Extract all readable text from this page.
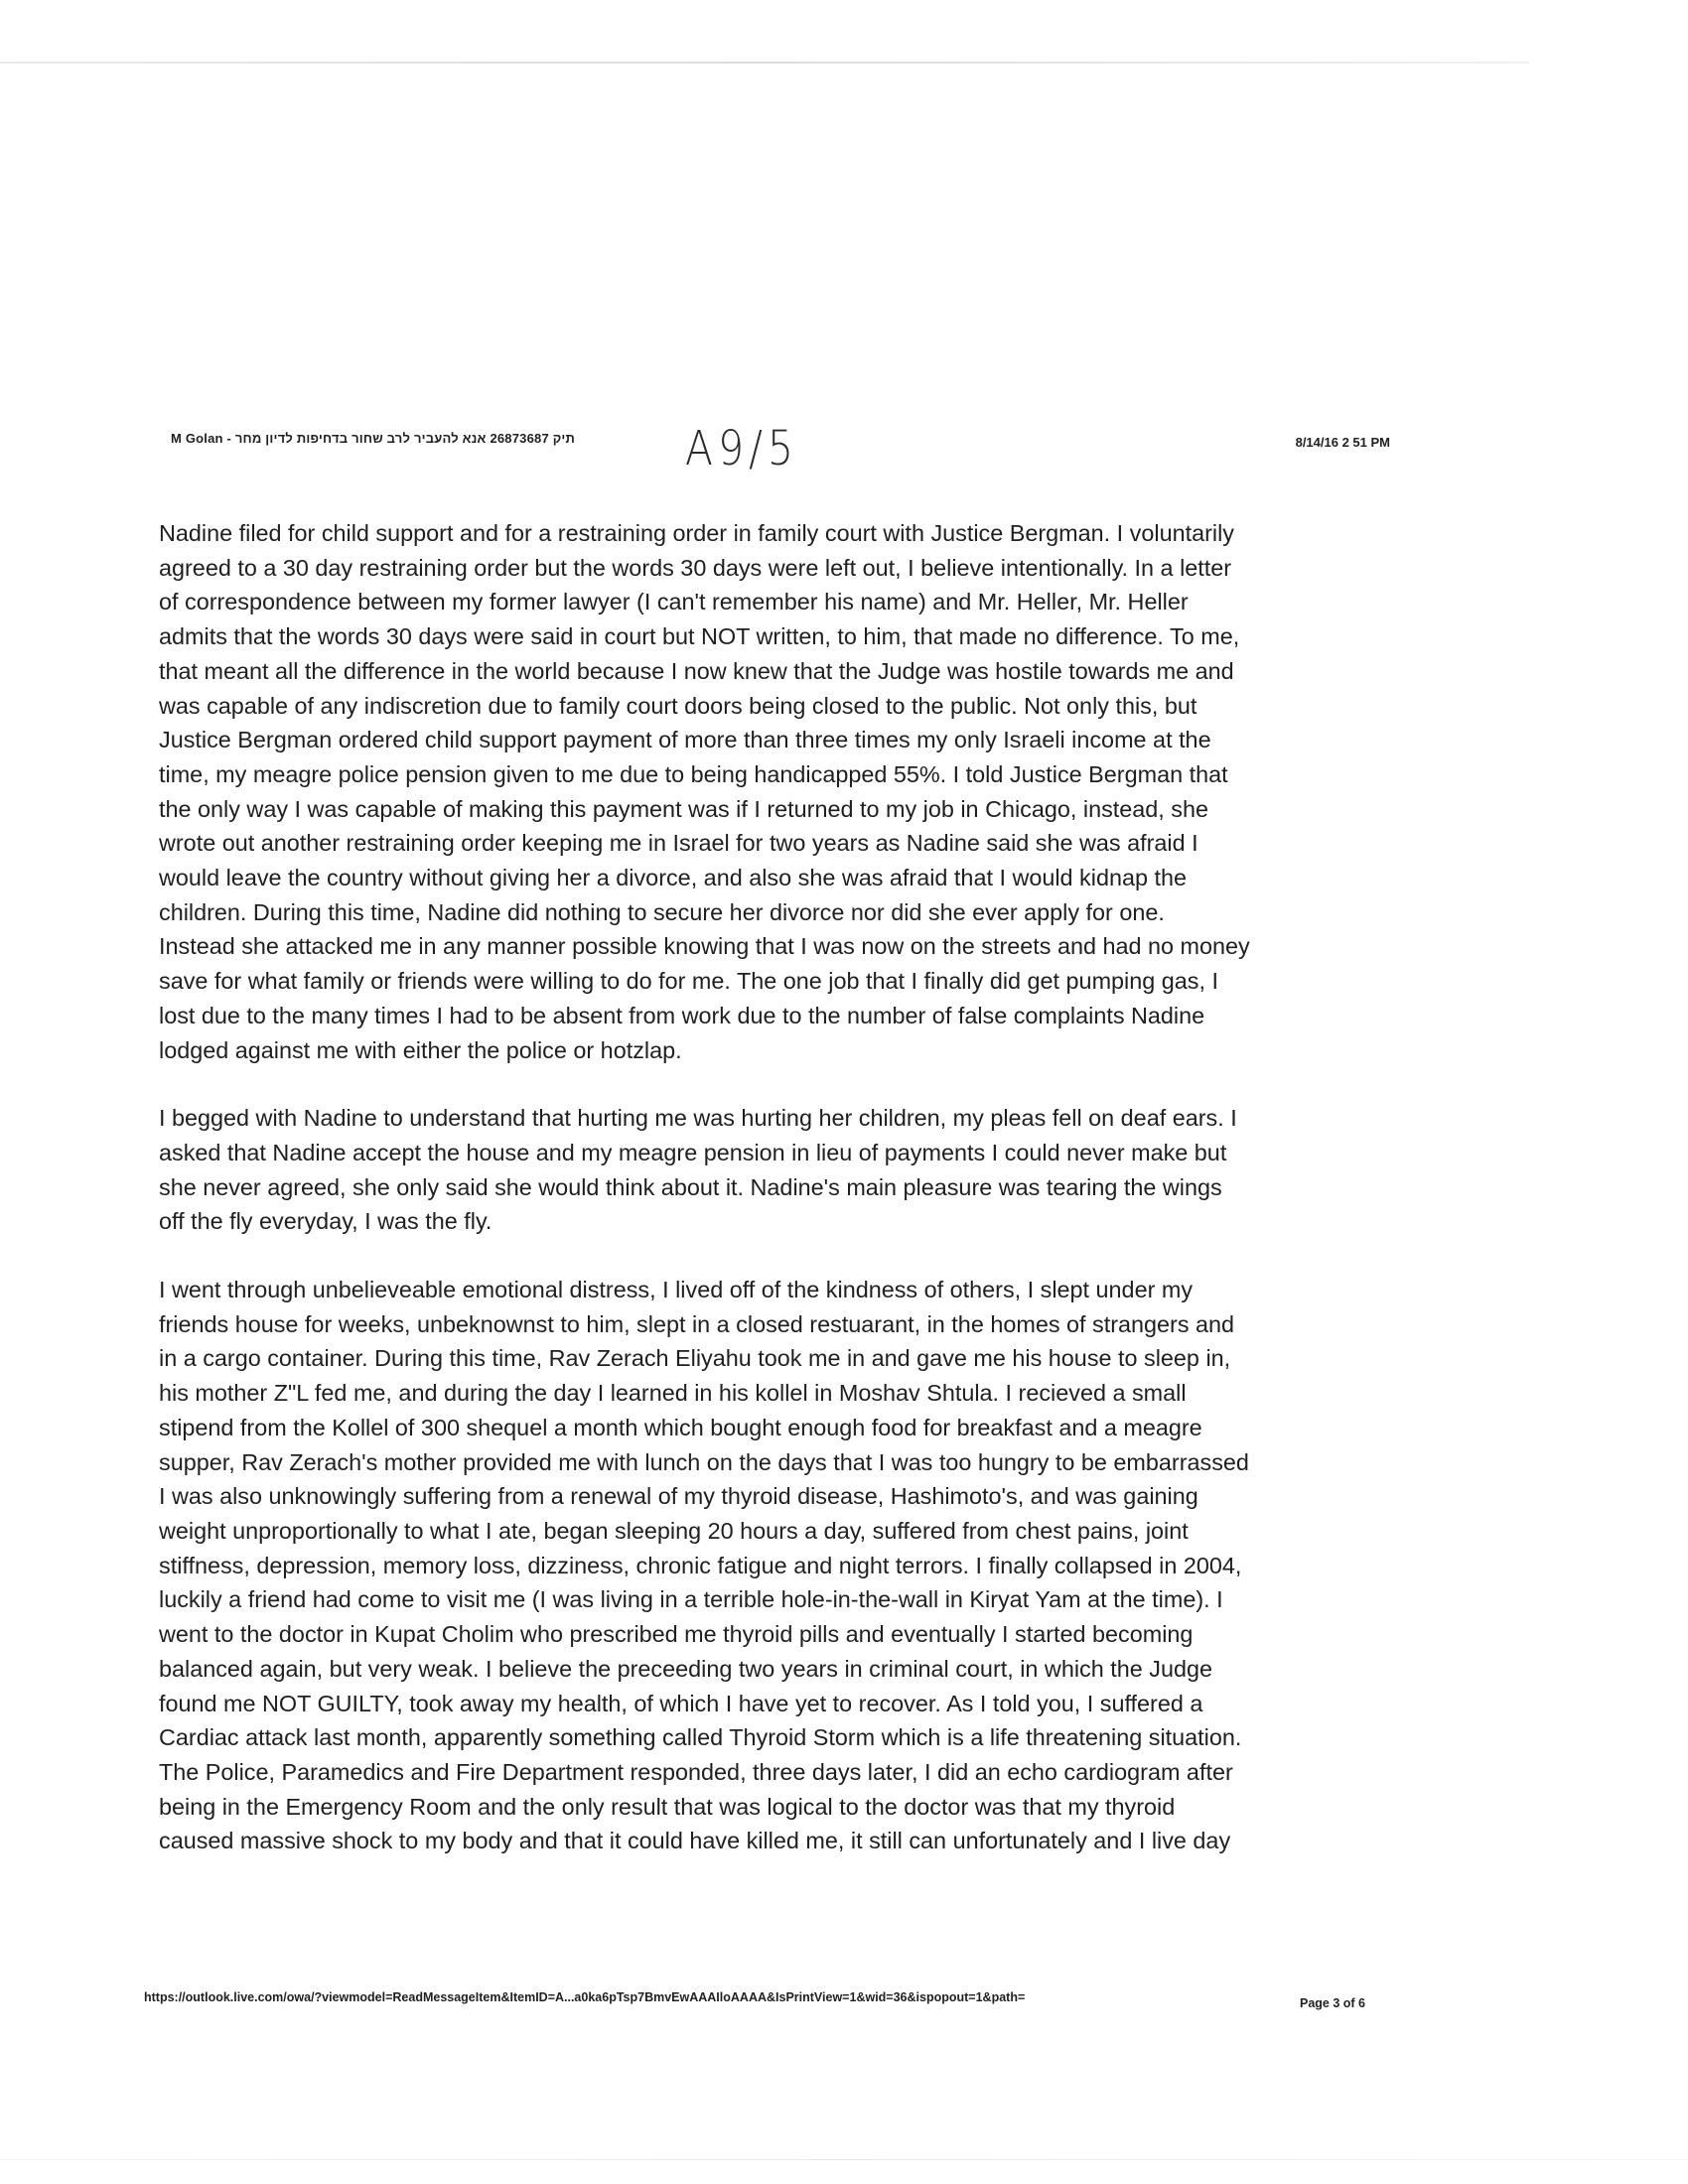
M Golan - תיק 26873687 אנא להעביר לרב שחור בדחיפות לדיון מחר A9/5	8/14/16 2 51 PM
Nadine filed for child support and for a restraining order in family court with Justice Bergman. I voluntarily
agreed to a 30 day restraining order but the words 30 days were left out, I believe intentionally. In a letter
of correspondence between my former lawyer (I can't remember his name) and Mr. Heller, Mr. Heller
admits that the words 30 days were said in court but NOT written, to him, that made no difference. To me,
that meant all the difference in the world because I now knew that the Judge was hostile towards me and
was capable of any indiscretion due to family court doors being closed to the public. Not only this, but
Justice Bergman ordered child support payment of more than three times my only Israeli income at the
time, my meagre police pension given to me due to being handicapped 55%. I told Justice Bergman that
the only way I was capable of making this payment was if I returned to my job in Chicago, instead, she
wrote out another restraining order keeping me in Israel for two years as Nadine said she was afraid I
would leave the country without giving her a divorce, and also she was afraid that I would kidnap the
children. During this time, Nadine did nothing to secure her divorce nor did she ever apply for one.
Instead she attacked me in any manner possible knowing that I was now on the streets and had no money
save for what family or friends were willing to do for me. The one job that I finally did get pumping gas, I
lost due to the many times I had to be absent from work due to the number of false complaints Nadine
lodged against me with either the police or hotzlap.
I begged with Nadine to understand that hurting me was hurting her children, my pleas fell on deaf ears. I
asked that Nadine accept the house and my meagre pension in lieu of payments I could never make but
she never agreed, she only said she would think about it. Nadine's main pleasure was tearing the wings
off the fly everyday, I was the fly.
I went through unbelieveable emotional distress, I lived off of the kindness of others, I slept under my
friends house for weeks, unbeknownst to him, slept in a closed restuarant, in the homes of strangers and
in a cargo container. During this time, Rav Zerach Eliyahu took me in and gave me his house to sleep in,
his mother Z"L fed me, and during the day I learned in his kollel in Moshav Shtula. I recieved a small
stipend from the Kollel of 300 shequel a month which bought enough food for breakfast and a meagre
supper, Rav Zerach's mother provided me with lunch on the days that I was too hungry to be embarrassed
I was also unknowingly suffering from a renewal of my thyroid disease, Hashimoto's, and was gaining
weight unproportionally to what I ate, began sleeping 20 hours a day, suffered from chest pains, joint
stiffness, depression, memory loss, dizziness, chronic fatigue and night terrors. I finally collapsed in 2004,
luckily a friend had come to visit me (I was living in a terrible hole-in-the-wall in Kiryat Yam at the time). I
went to the doctor in Kupat Cholim who prescribed me thyroid pills and eventually I started becoming
balanced again, but very weak. I believe the preceeding two years in criminal court, in which the Judge
found me NOT GUILTY, took away my health, of which I have yet to recover. As I told you, I suffered a
Cardiac attack last month, apparently something called Thyroid Storm which is a life threatening situation.
The Police, Paramedics and Fire Department responded, three days later, I did an echo cardiogram after
being in the Emergency Room and the only result that was logical to the doctor was that my thyroid
caused massive shock to my body and that it could have killed me, it still can unfortunately and I live day
https://outlook.live.com/owa/?viewmodel=ReadMessageItem&ItemID=A...a0ka6pTsp7BmvEwAAAIloAAAA&IsPrintView=1&wid=36&ispopout=1&path=	Page 3 of 6
